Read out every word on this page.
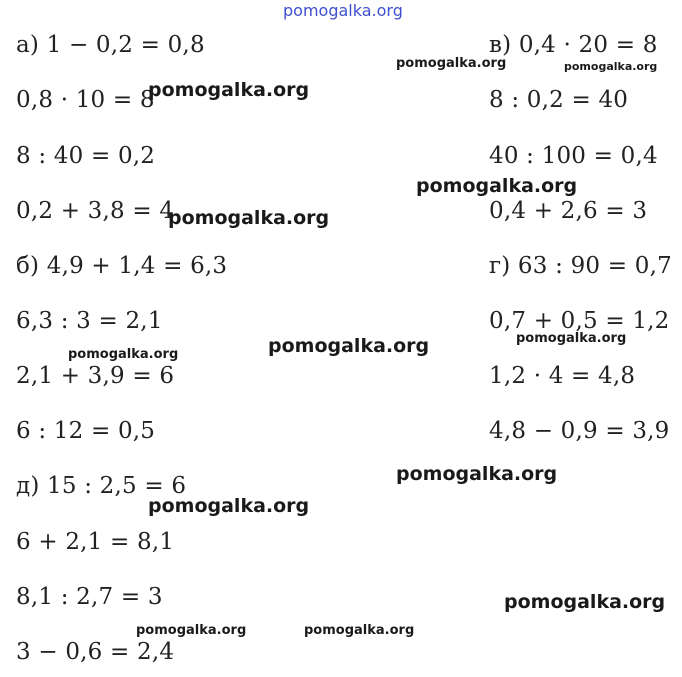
pomogalka.org
а) 1 − 0,2 = 0,8
0,8 · 10 = 8
8 : 40 = 0,2
0,2 + 3,8 = 4
б) 4,9 + 1,4 = 6,3
6,3 : 3 = 2,1
2,1 + 3,9 = 6
6 : 12 = 0,5
д) 15 : 2,5 = 6
6 + 2,1 = 8,1
8,1 : 2,7 = 3
3 − 0,6 = 2,4
в) 0,4 · 20 = 8
8 : 0,2 = 40
40 : 100 = 0,4
0,4 + 2,6 = 3
г) 63 : 90 = 0,7
0,7 + 0,5 = 1,2
1,2 · 4 = 4,8
4,8 − 0,9 = 3,9
pomogalka.org	pomogalka.org
pomogalka.org
pomogalka.org
pomogalka.org
pomogalka.org
pomogalka.org
pomogalka.org
pomogalka.org
pomogalka.org
pomogalka.org
pomogalka.org	pomogalka.org
